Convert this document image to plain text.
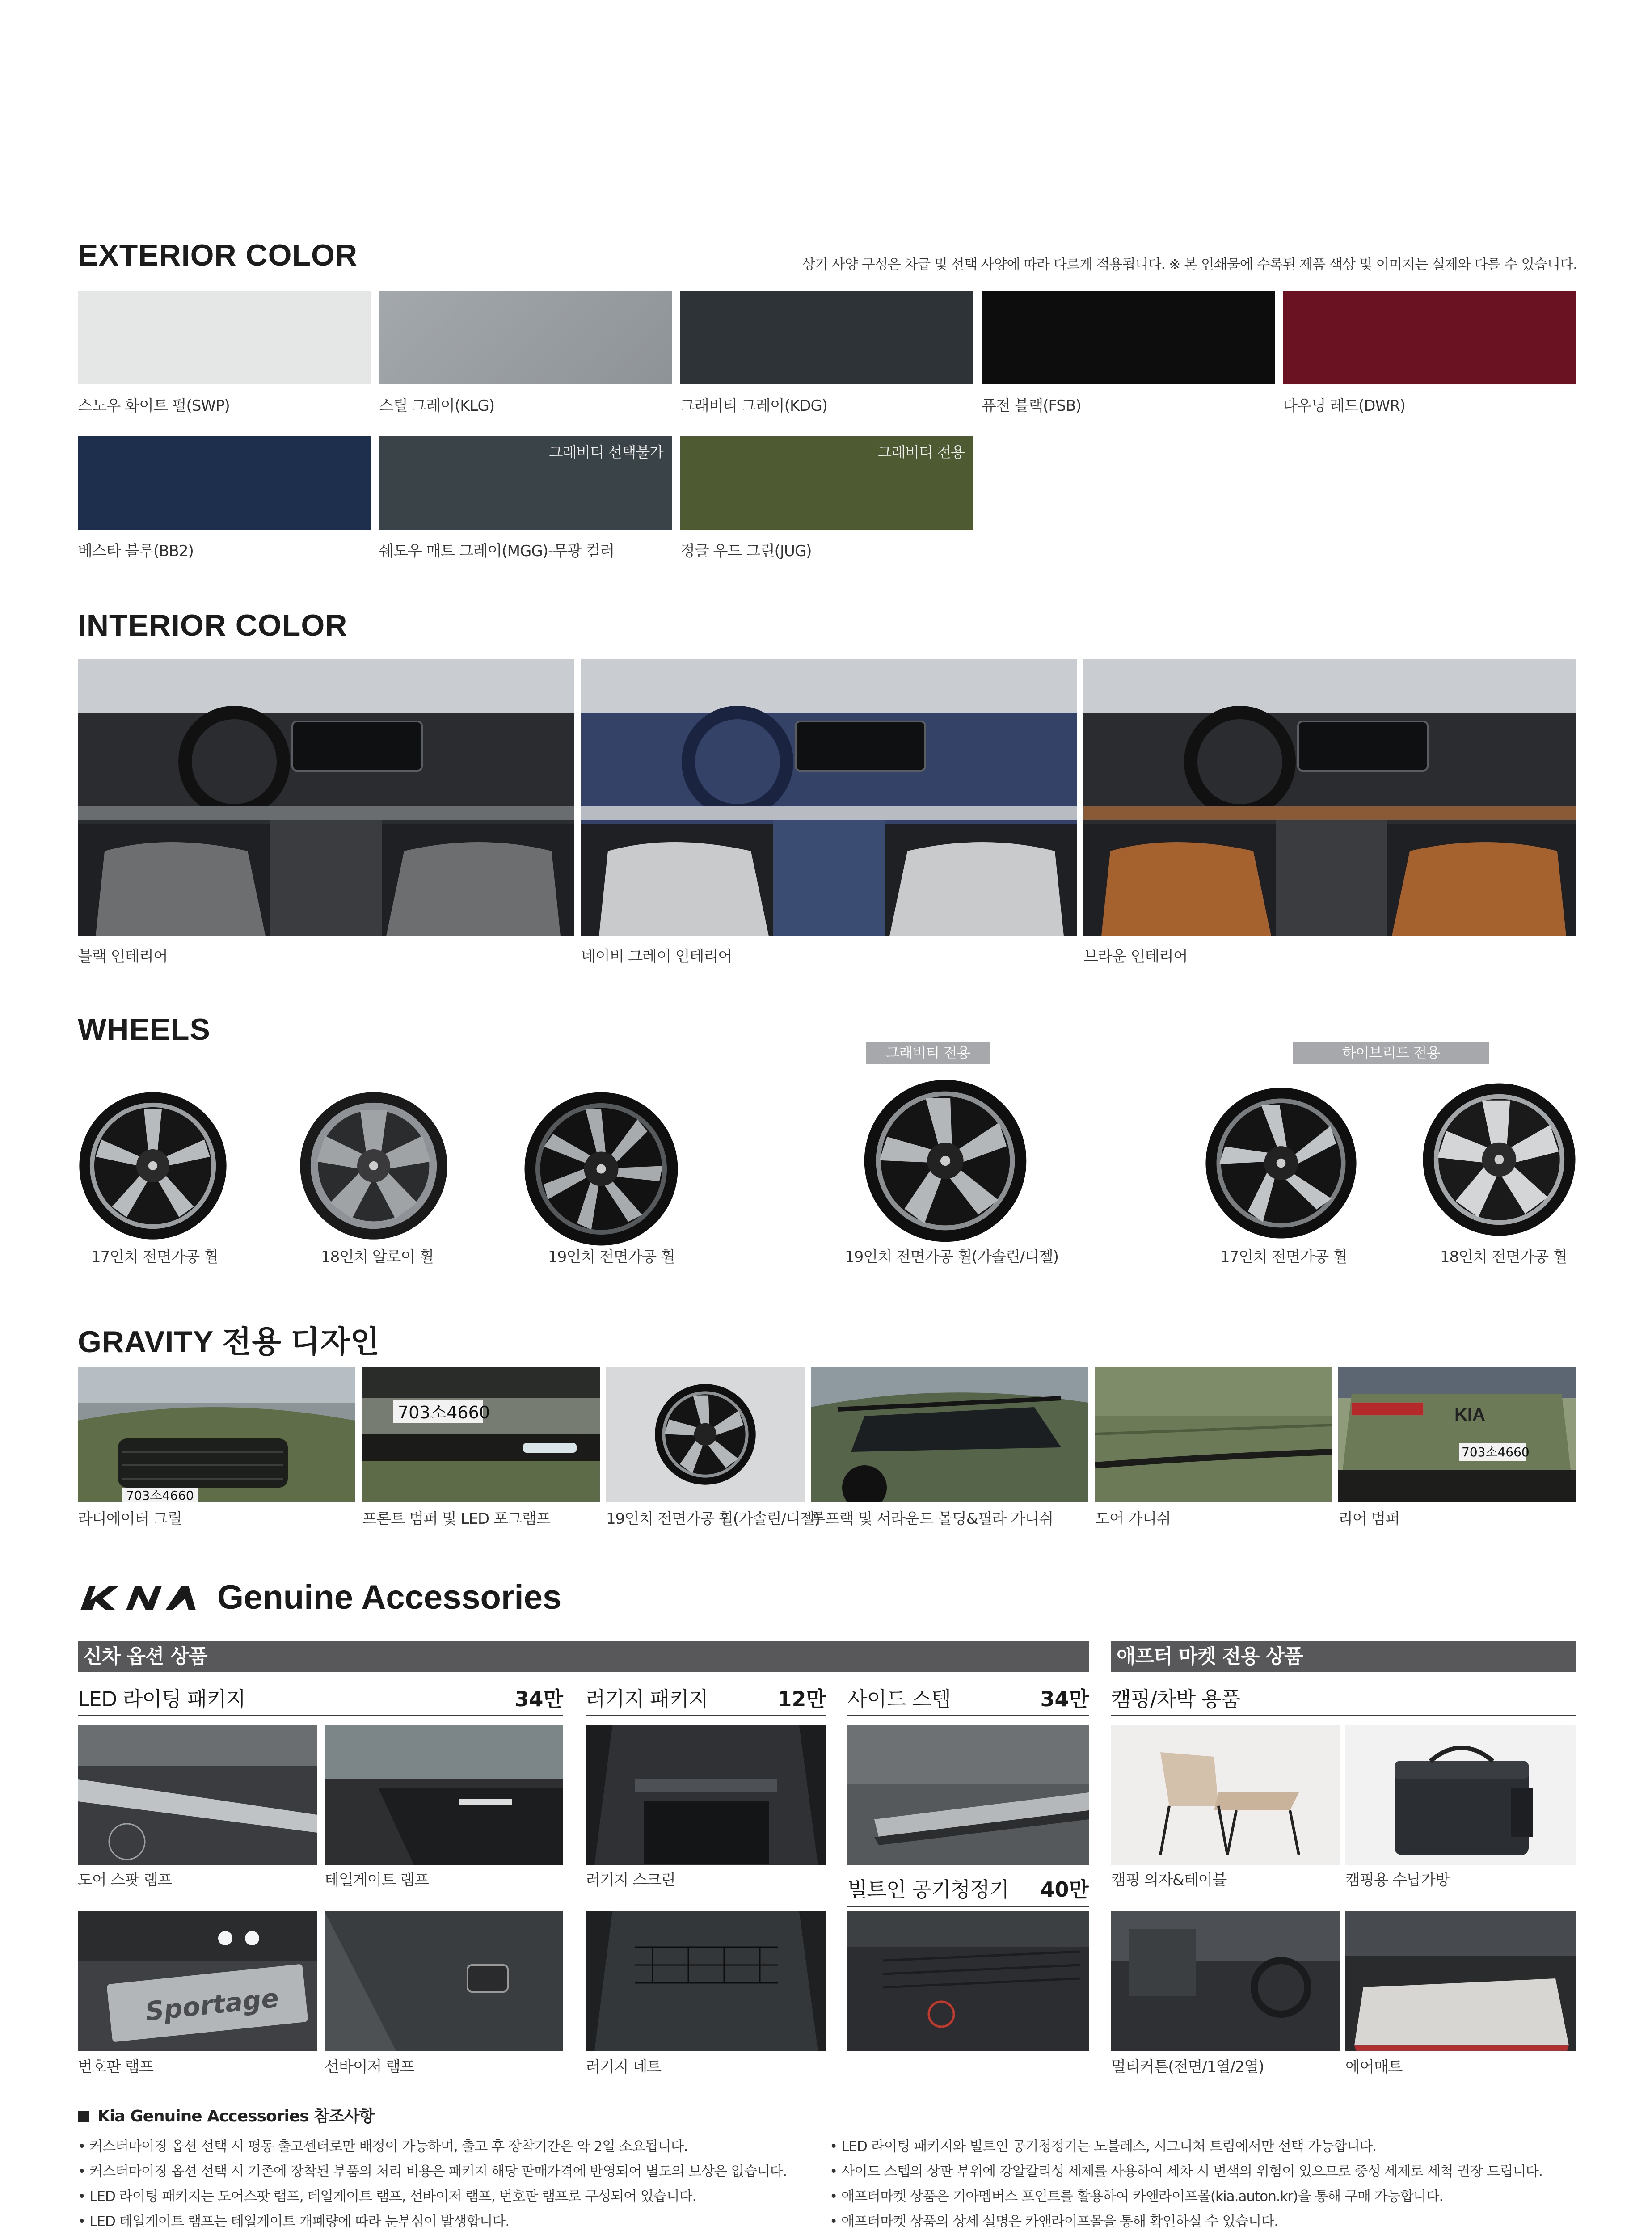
EXTERIOR COLOR	상기 사양 구성은 차급 및 선택 사양에 따라 다르게 적용됩니다. ※ 본 인쇄물에 수록된 제품 색상 및 이미지는 실제와 다를 수 있습니다.
스노우 화이트 펄(SWP)	스틸 그레이(KLG)	그래비티 그레이(KDG)	퓨전 블랙(FSB)	다우닝 레드(DWR)
그래비티 선택불가	그래비티 전용
베스타 블루(BB2)	쉐도우 매트 그레이(MGG)-무광 컬러	정글 우드 그린(JUG)
INTERIOR COLOR
블랙 인테리어	네이비 그레이 인테리어	브라운 인테리어
WHEELS
그래비티 전용	하이브리드 전용
17인치 전면가공 휠	18인치 알로이 휠	19인치 전면가공 휠	19인치 전면가공 휠(가솔린/디젤)	17인치 전면가공 휠	18인치 전면가공 휠
GRAVITY 전용 디자인
703소4660
703소4660	KIA
703소4660
라디에이터 그릴	프론트 범퍼 및 LED 포그램프	19인치 전면가공 휠(가솔린/디젤)
루프랙 및 서라운드 몰딩&필라 가니쉬	도어 가니쉬	리어 범퍼
KIA	Genuine Accessories
신차 옵션 상품	애프터 마켓 전용 상품
LED 라이팅 패키지	34만 러기지 패키지	12만 사이드 스텝	34만 캠핑/차박 용품
도어 스팟 램프	테일게이트 램프	러기지 스크린	빌트인 공기청정기 40만 캠핑 의자&테이블	캠핑용 수납가방
Sportage
번호판 램프	선바이저 램프	러기지 네트	멀티커튼(전면/1열/2열)	에어매트
Kia Genuine Accessories 참조사항
• 커스터마이징 옵션 선택 시 평동 출고센터로만 배정이 가능하며, 출고 후 장착기간은 약 2일 소요됩니다.
• 커스터마이징 옵션 선택 시 기존에 장착된 부품의 처리 비용은 패키지 해당 판매가격에 반영되어 별도의 보상은 없습니다.
• LED 라이팅 패키지는 도어스팟 램프, 테일게이트 램프, 선바이저 램프, 번호판 램프로 구성되어 있습니다.
• LED 테일게이트 램프는 테일게이트 개폐량에 따라 눈부심이 발생합니다.
• LED 라이팅 패키지와 빌트인 공기청정기는 노블레스, 시그니처 트림에서만 선택 가능합니다.
• 사이드 스텝의 상판 부위에 강알칼리성 세제를 사용하여 세차 시 변색의 위험이 있으므로 중성 세제로 세척 권장 드립니다.
• 애프터마켓 상품은 기아멤버스 포인트를 활용하여 카앤라이프몰(kia.auton.kr)을 통해 구매 가능합니다.
• 애프터마켓 상품의 상세 설명은 카앤라이프몰을 통해 확인하실 수 있습니다.
